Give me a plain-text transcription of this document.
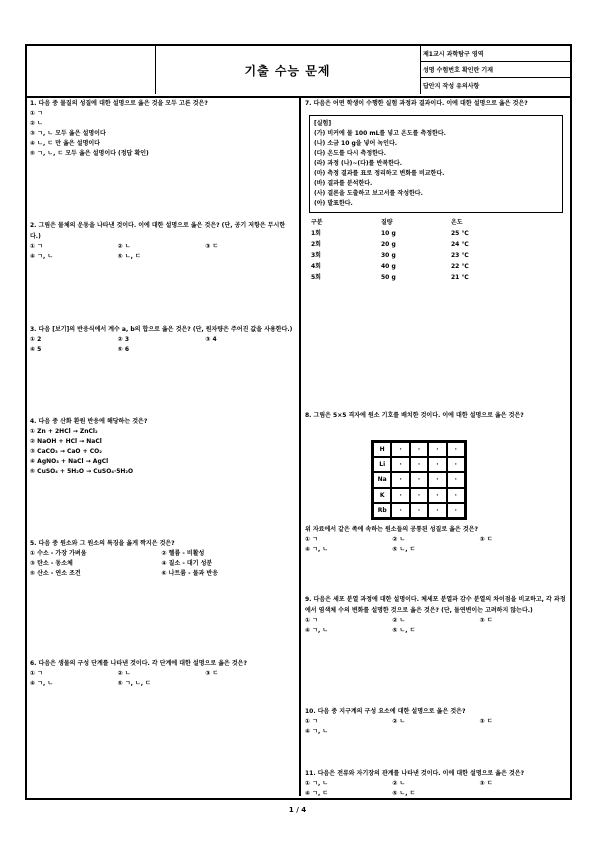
기출 수능 문제
제1교시 과학탐구 영역
성명 수험번호 확인란 기재
답안지 작성 유의사항
1. 다음 중 물질의 성질에 대한 설명으로 옳은 것을 모두 고른 것은?
① ㄱ
② ㄴ
③ ㄱ, ㄴ 모두 옳은 설명이다
④ ㄴ, ㄷ 만 옳은 설명이다
⑤ ㄱ, ㄴ, ㄷ 모두 옳은 설명이다 (정답 확인)
2. 그림은 물체의 운동을 나타낸 것이다. 이에 대한 설명으로 옳은 것은? (단, 공기 저항은 무시한다.)
① ㄱ	② ㄴ	③ ㄷ
④ ㄱ, ㄴ	⑤ ㄴ, ㄷ
3. 다음 [보기]의 반응식에서 계수 a, b의 합으로 옳은 것은? (단, 원자량은 주어진 값을 사용한다.)
① 2	② 3	③ 4
④ 5	⑤ 6
4. 다음 중 산화 환원 반응에 해당하는 것은?
① Zn + 2HCl → ZnCl₂
② NaOH + HCl → NaCl
③ CaCO₃ → CaO + CO₂
④ AgNO₃ + NaCl → AgCl
⑤ CuSO₄ + 5H₂O → CuSO₄·5H₂O
5. 다음 중 원소와 그 원소의 특징을 옳게 짝지은 것은?
① 수소 - 가장 가벼움	② 헬륨 - 비활성
③ 탄소 - 동소체	④ 질소 - 대기 성분
⑤ 산소 - 연소 조건	⑥ 나트륨 - 물과 반응
6. 다음은 생물의 구성 단계를 나타낸 것이다. 각 단계에 대한 설명으로 옳은 것은?
① ㄱ	② ㄴ	③ ㄷ
④ ㄱ, ㄴ	⑤ ㄱ, ㄴ, ㄷ
7. 다음은 어떤 학생이 수행한 실험 과정과 결과이다. 이에 대한 설명으로 옳은 것은?
[실험]
(가) 비커에 물 100 mL를 넣고 온도를 측정한다.
(나) 소금 10 g을 넣어 녹인다.
(다) 온도를 다시 측정한다.
(라) 과정 (나)~(다)를 반복한다.
(마) 측정 결과를 표로 정리하고 변화를 비교한다.
(바) 결과를 분석한다.
(사) 결론을 도출하고 보고서를 작성한다.
(아) 발표한다.
구분	질량	온도
1회	10 g	25 ℃
2회	20 g	24 ℃
3회	30 g	23 ℃
4회	40 g	22 ℃
5회	50 g	21 ℃
8. 그림은 5×5 격자에 원소 기호를 배치한 것이다. 이에 대한 설명으로 옳은 것은?
H	·	·	·	·
Li	·	·	·	·
Na	·	·	·	·
K	·	·	·	·
Rb	·	·	·	·
위 자료에서 같은 족에 속하는 원소들의 공통된 성질로 옳은 것은?
① ㄱ	② ㄴ	③ ㄷ
④ ㄱ, ㄴ	⑤ ㄴ, ㄷ
9. 다음은 세포 분열 과정에 대한 설명이다. 체세포 분열과 감수 분열의 차이점을 비교하고, 각 과정에서 염색체 수의 변화를 설명한 것으로 옳은 것은? (단, 돌연변이는 고려하지 않는다.)
① ㄱ	② ㄴ	③ ㄷ
④ ㄱ, ㄴ	⑤ ㄴ, ㄷ
10. 다음 중 지구계의 구성 요소에 대한 설명으로 옳은 것은?
① ㄱ	② ㄴ	③ ㄷ
④ ㄱ, ㄴ
11. 다음은 전류와 자기장의 관계를 나타낸 것이다. 이에 대한 설명으로 옳은 것은?
① ㄱ, ㄴ	② ㄴ	③ ㄷ
④ ㄱ, ㄷ	⑤ ㄴ, ㄷ
1 / 4
